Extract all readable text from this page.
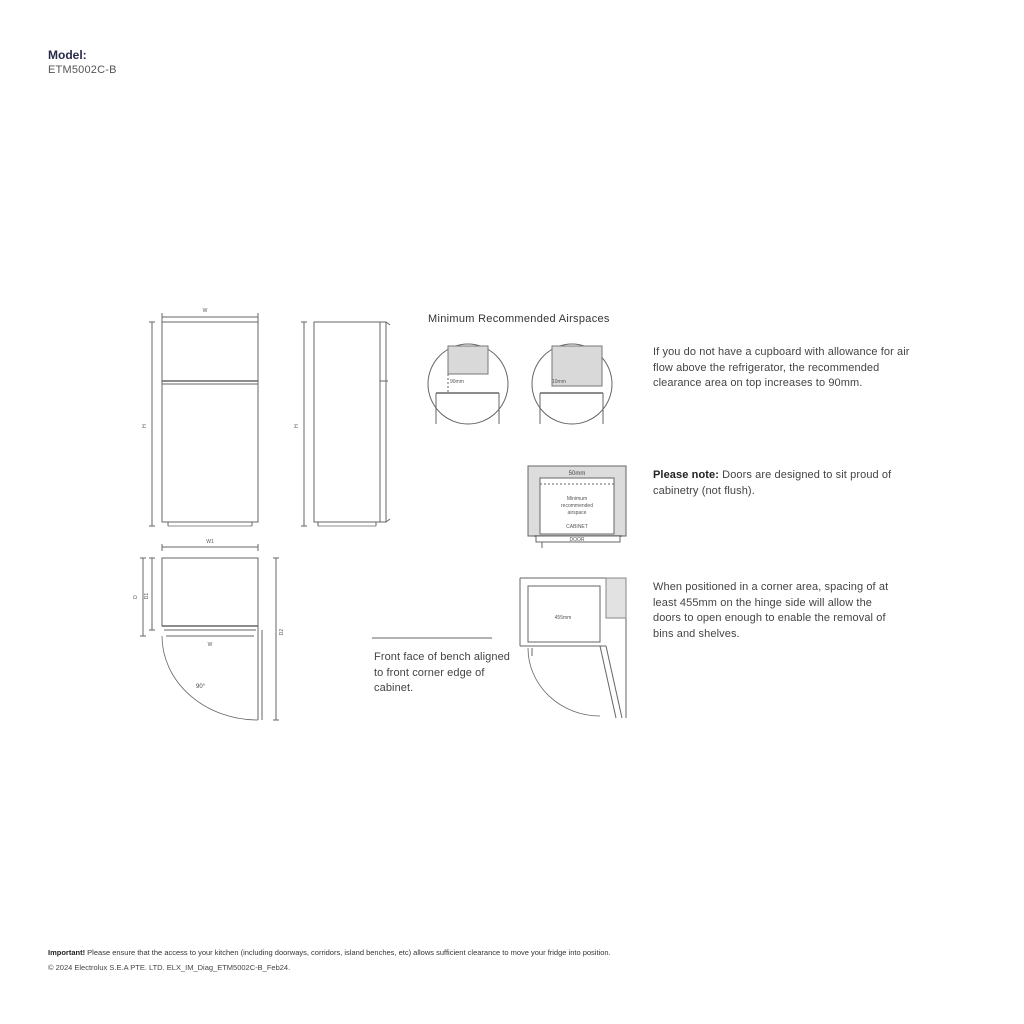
Model:
ETM5002C-B
W
H	H
W1
D D1
W
D2
90°
90mm	10mm
50mm
Minimum
recommended
airspace
CABINET
DOOR
455mm
Minimum Recommended Airspaces
If you do not have a cupboard with allowance for air flow above the refrigerator, the recommended clearance area on top increases to 90mm.
Please note: Doors are designed to sit proud of cabinetry (not flush).
When positioned in a corner area, spacing of at least 455mm on the hinge side will allow the doors to open enough to enable the removal of bins and shelves.
Front face of bench aligned to front corner edge of cabinet.
Important! Please ensure that the access to your kitchen (including doorways, corridors, island benches, etc) allows sufficient clearance to move your fridge into position.
© 2024 Electrolux S.E.A PTE. LTD. ELX_IM_Diag_ETM5002C-B_Feb24.
